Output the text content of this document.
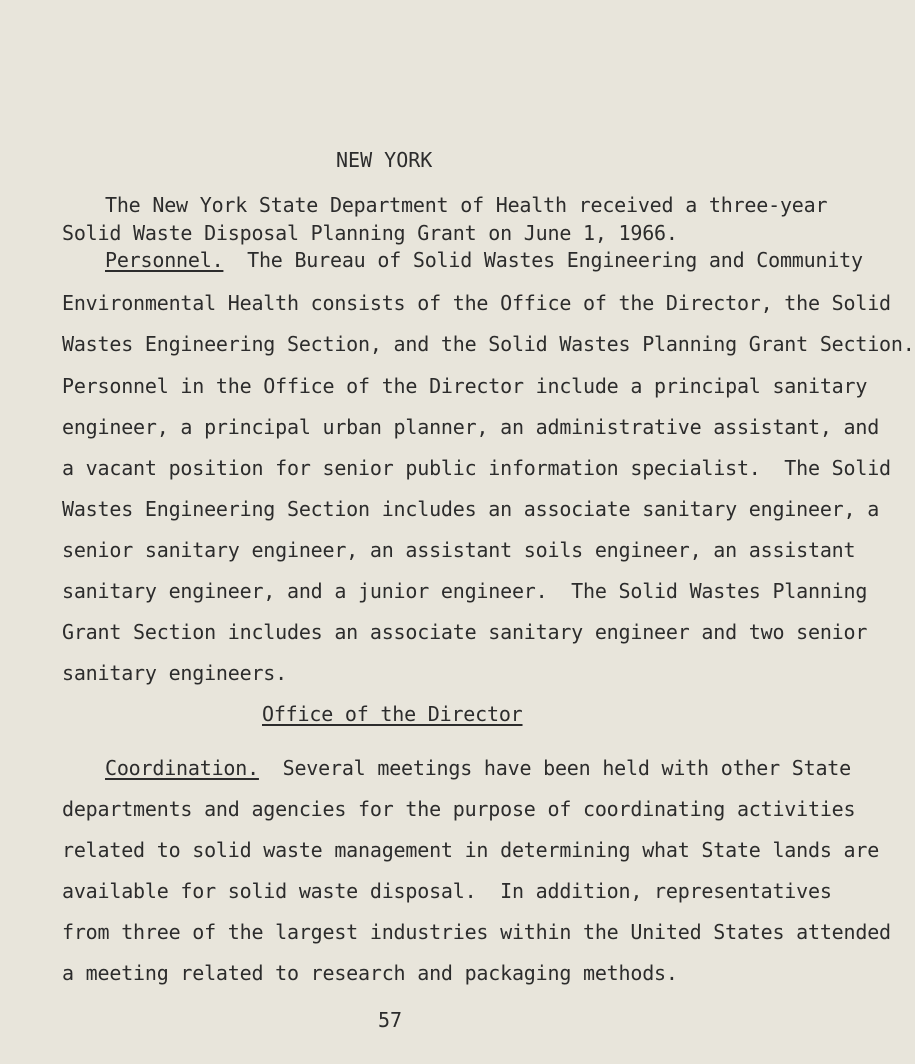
NEW YORK
The New York State Department of Health received a three-year
Solid Waste Disposal Planning Grant on June 1, 1966.
Personnel.  The Bureau of Solid Wastes Engineering and Community
Environmental Health consists of the Office of the Director, the Solid
Wastes Engineering Section, and the Solid Wastes Planning Grant Section.
Personnel in the Office of the Director include a principal sanitary
engineer, a principal urban planner, an administrative assistant, and
a vacant position for senior public information specialist.  The Solid
Wastes Engineering Section includes an associate sanitary engineer, a
senior sanitary engineer, an assistant soils engineer, an assistant
sanitary engineer, and a junior engineer.  The Solid Wastes Planning
Grant Section includes an associate sanitary engineer and two senior
sanitary engineers.
Office of the Director
Coordination.  Several meetings have been held with other State
departments and agencies for the purpose of coordinating activities
related to solid waste management in determining what State lands are
available for solid waste disposal.  In addition, representatives
from three of the largest industries within the United States attended
a meeting related to research and packaging methods.
57
